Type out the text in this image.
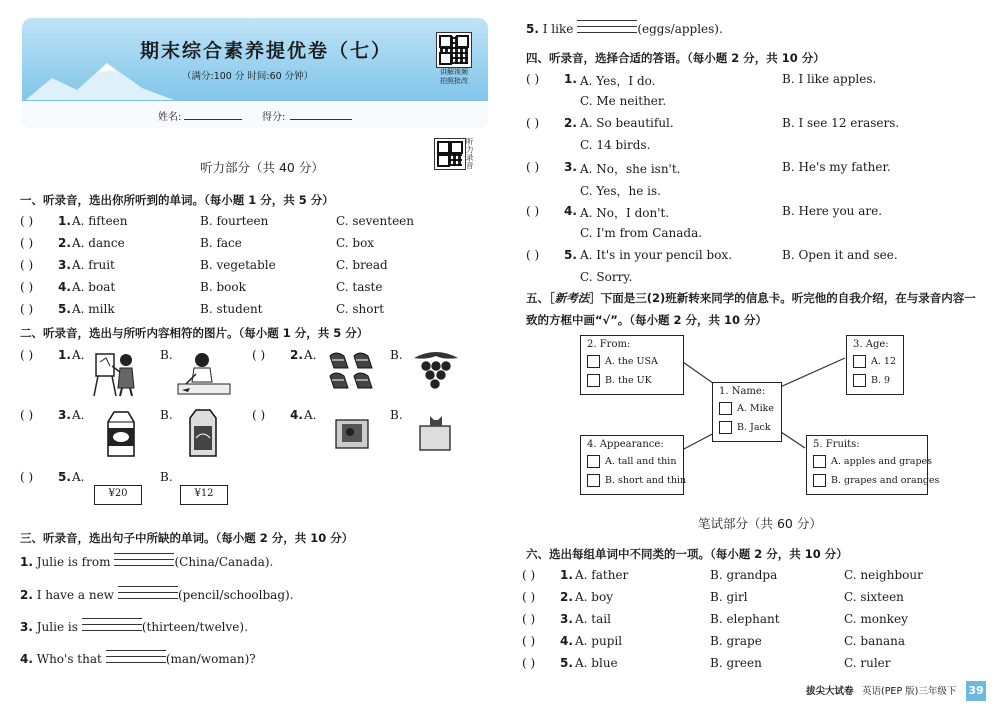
期末综合素养提优卷（七）
（满分:100 分 时间:60 分钟）
姓名:	得分:
讲解视频
拍照批改
听力录音
听力部分（共 40 分）
一、听录音，选出你所听到的单词。（每小题 1 分，共 5 分）
( ) 1. A. fifteen	B. fourteen	C. seventeen
( ) 2. A. dance	B. face	C. box
( ) 3. A. fruit	B. vegetable	C. bread
( ) 4. A. boat	B. book	C. taste
( ) 5. A. milk	B. student	C. short
二、听录音，选出与所听内容相符的图片。（每小题 1 分，共 5 分）
( ) 1. A.	B.	( ) 2. A.	B.
( ) 3. A.	B.	( ) 4. A.	B.
( ) 5. A.
¥20
B.
¥12
三、听录音，选出句子中所缺的单词。（每小题 2 分，共 10 分）
1. Julie is from	(China/Canada).
2. I have a new	(pencil/schoolbag).
3. Julie is	(thirteen/twelve).
4. Who's that	(man/woman)?
5. I like	(eggs/apples).
四、听录音，选择合适的答语。（每小题 2 分，共 10 分）
( ) 1. A. Yes，I do.	B. I like apples.
C. Me neither.
( ) 2. A. So beautiful.	B. I see 12 erasers.
C. 14 birds.
( ) 3. A. No，she isn't.	B. He's my father.
C. Yes，he is.
( ) 4. A. No，I don't.	B. Here you are.
C. I'm from Canada.
( ) 5. A. It's in your pencil box.	B. Open it and see.
C. Sorry.
五、［新考法］下面是三(2)班新转来同学的信息卡。听完他的自我介绍，在与录音内容一
致的方框中画“√”。（每小题 2 分，共 10 分）
2. From:
A. the USA
B. the UK
3. Age:
A. 12
B. 9
1. Name:
A. Mike
B. Jack
4. Appearance:
A. tall and thin
B. short and thin
5. Fruits:
A. apples and grapes
B. grapes and oranges
笔试部分（共 60 分）
六、选出每组单词中不同类的一项。（每小题 2 分，共 10 分）
( ) 1. A. father	B. grandpa	C. neighbour
( ) 2. A. boy	B. girl	C. sixteen
( ) 3. A. tail	B. elephant	C. monkey
( ) 4. A. pupil	B. grape	C. banana
( ) 5. A. blue	B. green	C. ruler
拔尖大试卷 英语(PEP 版)三年级下 39
